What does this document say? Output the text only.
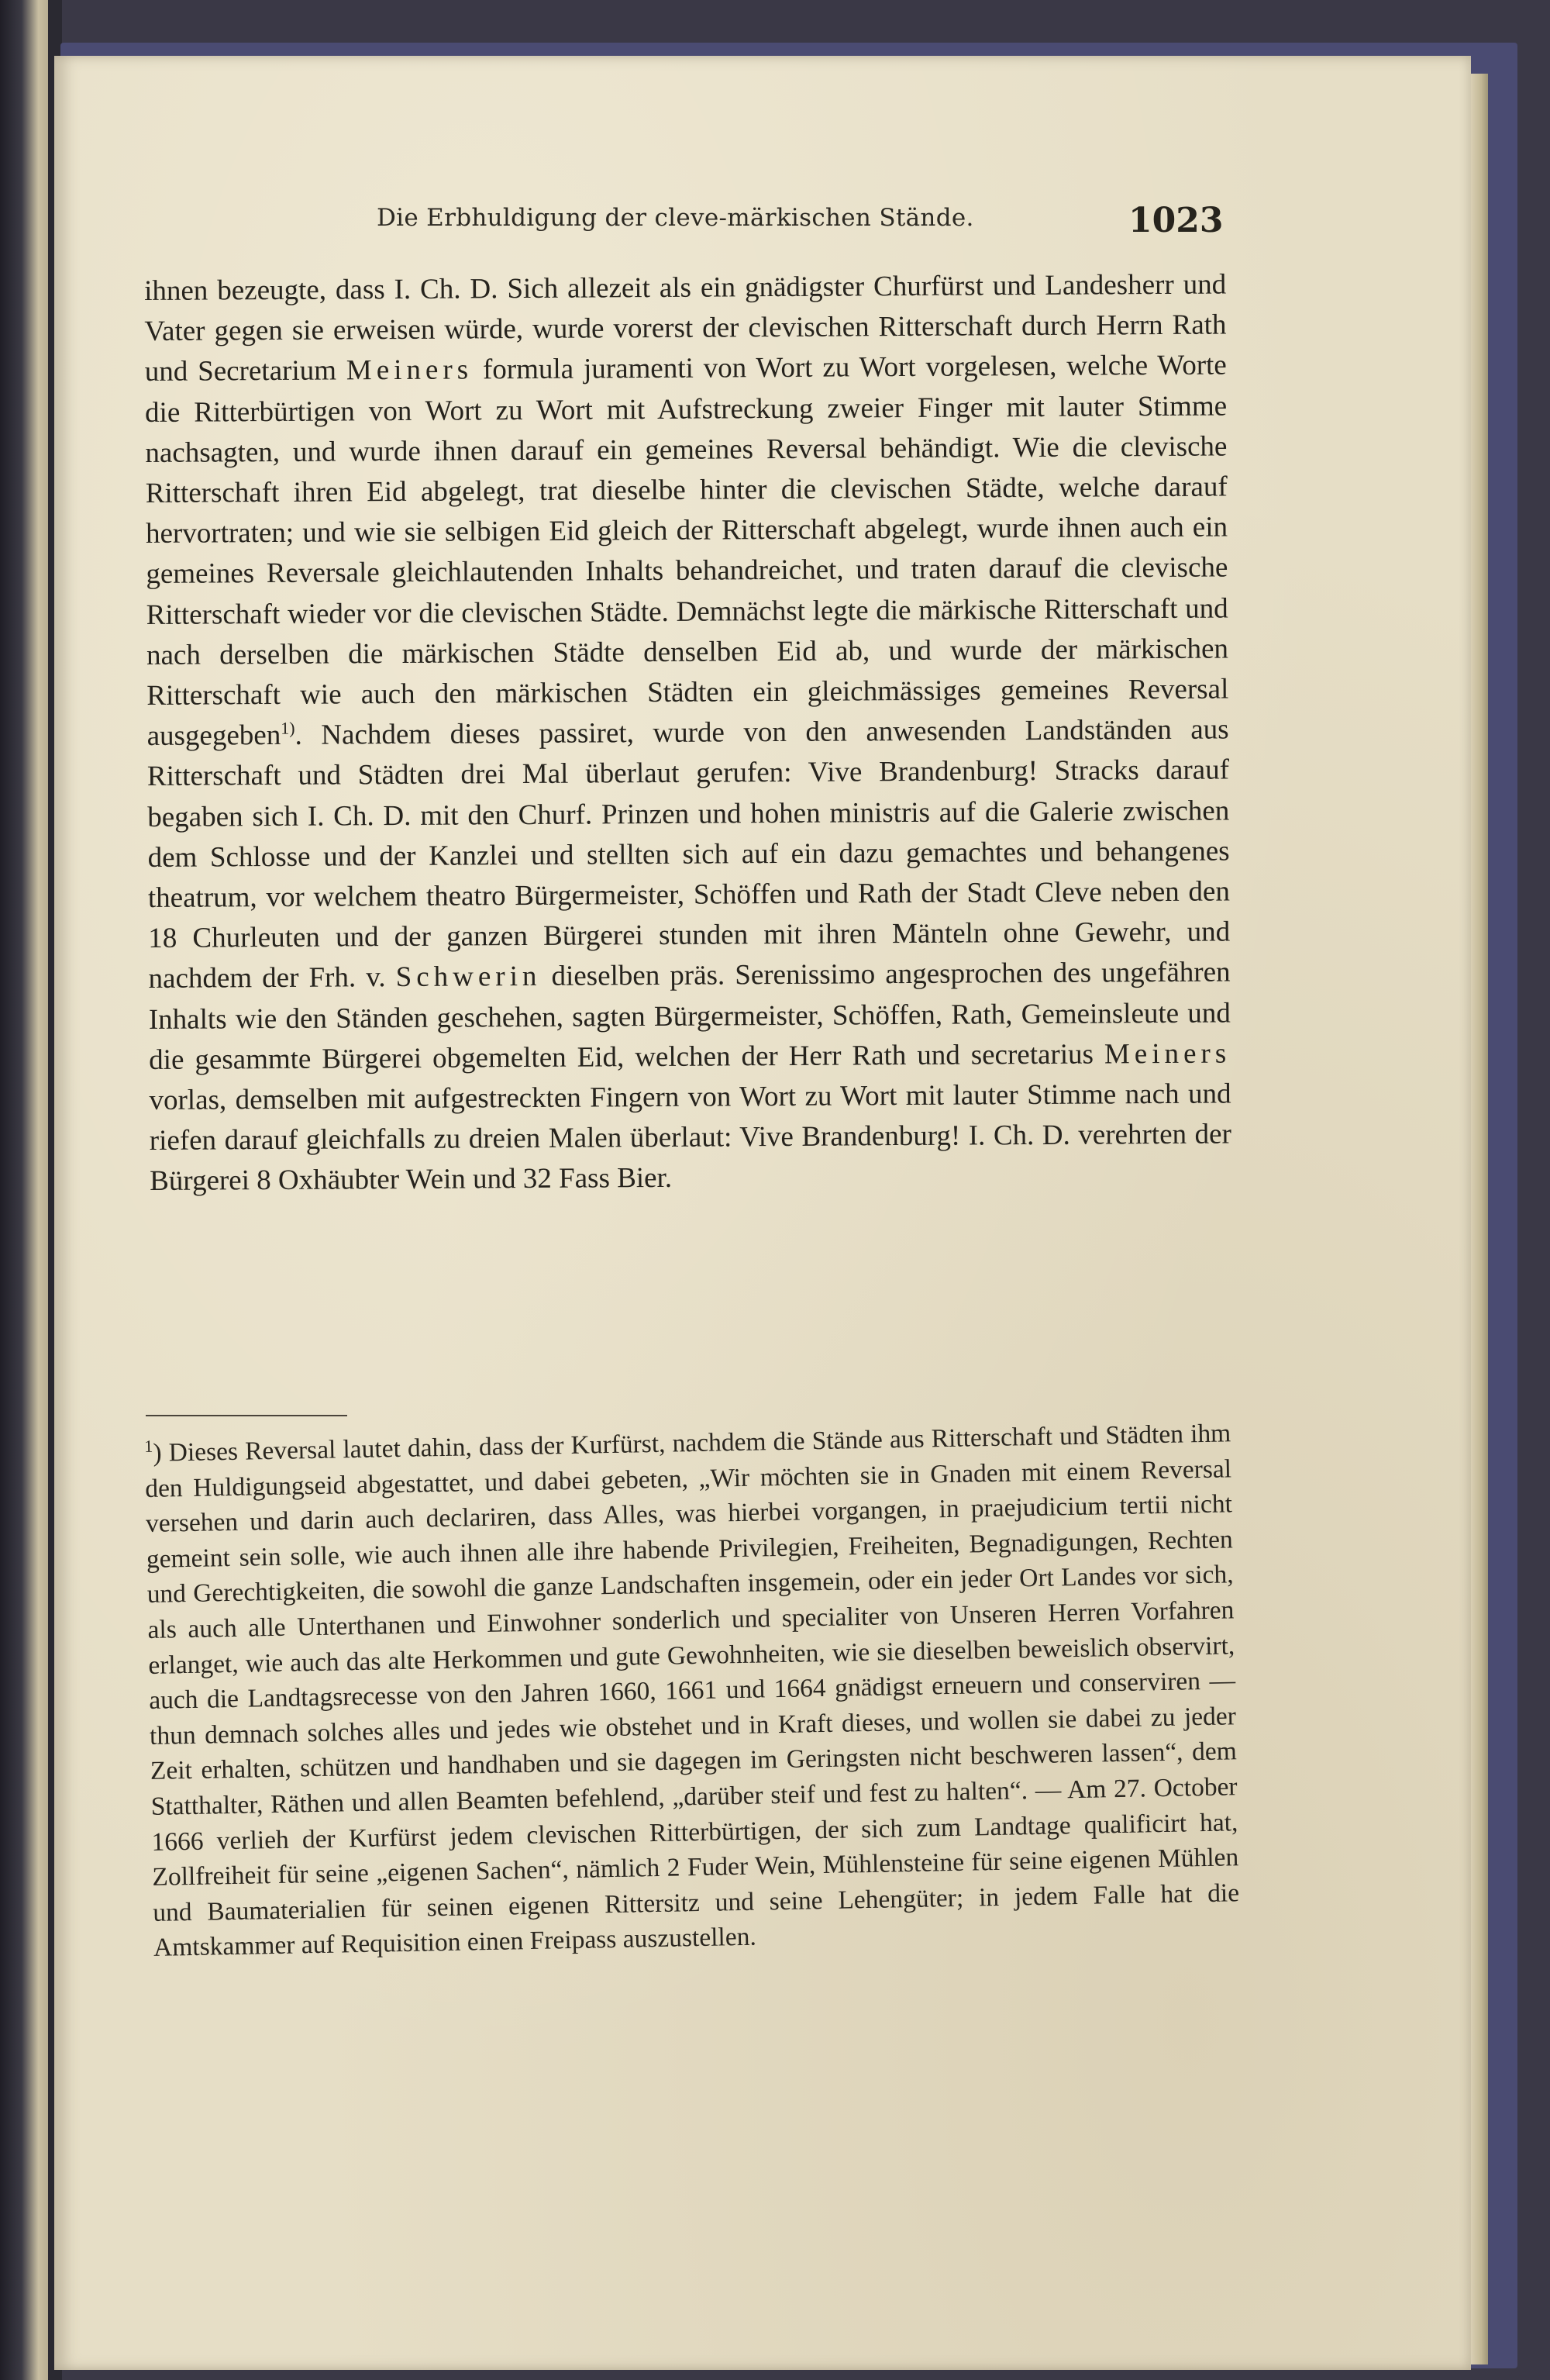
Die Erbhuldigung der cleve-märkischen Stände.	1023
ihnen bezeugte, dass I. Ch. D. Sich allezeit als ein gnädigster Churfürst und Landesherr und Vater gegen sie erweisen würde, wurde vorerst der clevischen Ritterschaft durch Herrn Rath und Secretarium Meiners formula juramenti von Wort zu Wort vorgelesen, welche Worte die Ritterbürtigen von Wort zu Wort mit Aufstreckung zweier Finger mit lauter Stimme nachsagten, und wurde ihnen darauf ein gemeines Reversal behändigt. Wie die clevische Ritterschaft ihren Eid abgelegt, trat dieselbe hinter die clevischen Städte, welche darauf hervortraten; und wie sie selbigen Eid gleich der Ritterschaft abgelegt, wurde ihnen auch ein gemeines Reversale gleichlautenden Inhalts behandreichet, und traten darauf die clevische Ritterschaft wieder vor die clevischen Städte. Demnächst legte die märkische Ritterschaft und nach derselben die märkischen Städte denselben Eid ab, und wurde der märkischen Ritterschaft wie auch den märkischen Städten ein gleichmässiges gemeines Reversal ausgegeben$^{1)}$. Nachdem dieses passiret, wurde von den anwesenden Landständen aus Ritterschaft und Städten drei Mal überlaut gerufen: Vive Brandenburg! Stracks darauf begaben sich I. Ch. D. mit den Churf. Prinzen und hohen ministris auf die Galerie zwischen dem Schlosse und der Kanzlei und stellten sich auf ein dazu gemachtes und behangenes theatrum, vor welchem theatro Bürgermeister, Schöffen und Rath der Stadt Cleve neben den 18 Churleuten und der ganzen Bürgerei stunden mit ihren Mänteln ohne Gewehr, und nachdem der Frh. v. Schwerin dieselben präs. Serenissimo angesprochen des ungefähren Inhalts wie den Ständen geschehen, sagten Bürgermeister, Schöffen, Rath, Gemeinsleute und die gesammte Bürgerei obgemelten Eid, welchen der Herr Rath und secretarius Meiners vorlas, demselben mit aufgestreckten Fingern von Wort zu Wort mit lauter Stimme nach und riefen darauf gleichfalls zu dreien Malen überlaut: Vive Brandenburg! I. Ch. D. verehrten der Bürgerei 8 Oxhäubter Wein und 32 Fass Bier.
$^1$) Dieses Reversal lautet dahin, dass der Kurfürst, nachdem die Stände aus Ritterschaft und Städten ihm den Huldigungseid abgestattet, und dabei gebeten, „Wir möchten sie in Gnaden mit einem Reversal versehen und darin auch declariren, dass Alles, was hierbei vorgangen, in praejudicium tertii nicht gemeint sein solle, wie auch ihnen alle ihre habende Privilegien, Freiheiten, Begnadigungen, Rechten und Gerechtigkeiten, die sowohl die ganze Landschaften insgemein, oder ein jeder Ort Landes vor sich, als auch alle Unterthanen und Einwohner sonderlich und specialiter von Unseren Herren Vorfahren erlanget, wie auch das alte Herkommen und gute Gewohnheiten, wie sie dieselben beweislich observirt, auch die Landtagsrecesse von den Jahren 1660, 1661 und 1664 gnädigst erneuern und conserviren — thun demnach solches alles und jedes wie obstehet und in Kraft dieses, und wollen sie dabei zu jeder Zeit erhalten, schützen und handhaben und sie dagegen im Geringsten nicht beschweren lassen“, dem Statthalter, Räthen und allen Beamten befehlend, „darüber steif und fest zu halten“. — Am 27. October 1666 verlieh der Kurfürst jedem clevischen Ritterbürtigen, der sich zum Landtage qualificirt hat, Zollfreiheit für seine „eigenen Sachen“, nämlich 2 Fuder Wein, Mühlensteine für seine eigenen Mühlen und Baumaterialien für seinen eigenen Rittersitz und seine Lehengüter; in jedem Falle hat die Amtskammer auf Requisition einen Freipass auszustellen.
